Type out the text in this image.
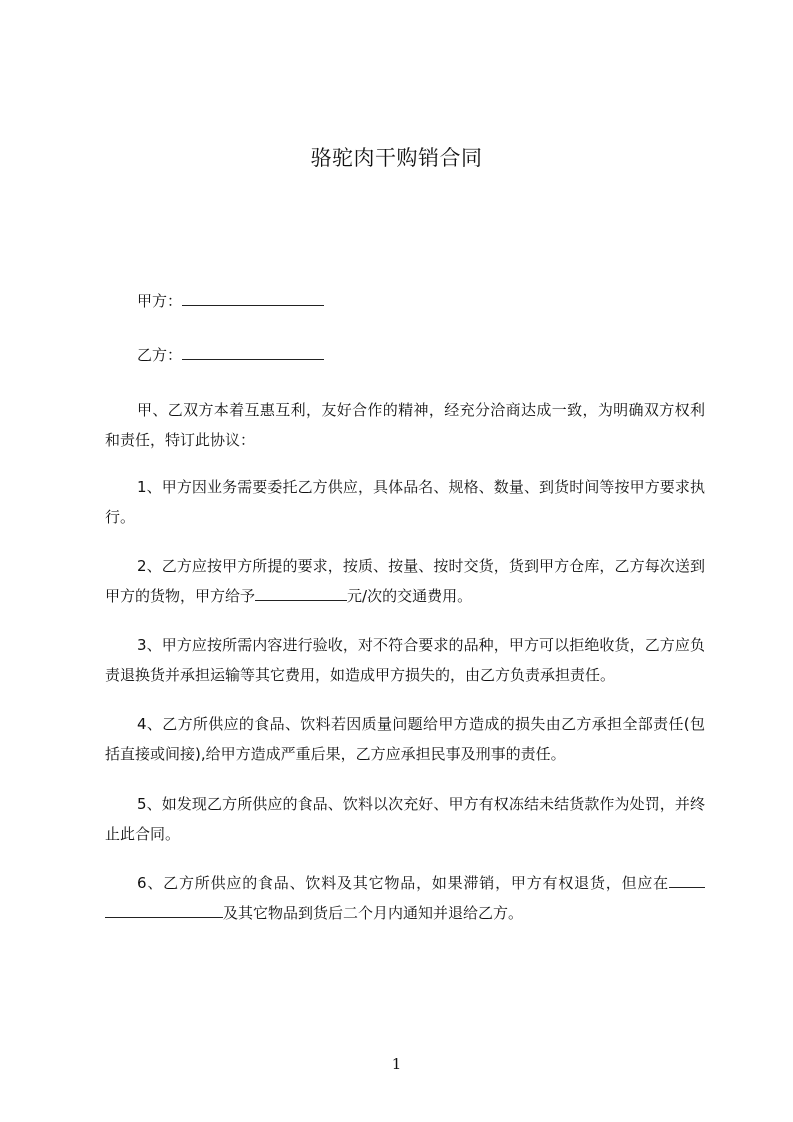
骆驼肉干购销合同
甲方：
乙方：
甲、乙双方本着互惠互利，友好合作的精神，经充分洽商达成一致，为明确双方权利和责任，特订此协议：
1、甲方因业务需要委托乙方供应，具体品名、规格、数量、到货时间等按甲方要求执行。
2、乙方应按甲方所提的要求，按质、按量、按时交货，货到甲方仓库，乙方每次送到甲方的货物，甲方给予	元/次的交通费用。
3、甲方应按所需内容进行验收，对不符合要求的品种，甲方可以拒绝收货，乙方应负责退换货并承担运输等其它费用，如造成甲方损失的，由乙方负责承担责任。
4、乙方所供应的食品、饮料若因质量问题给甲方造成的损失由乙方承担全部责任(包括直接或间接),给甲方造成严重后果，乙方应承担民事及刑事的责任。
5、如发现乙方所供应的食品、饮料以次充好、甲方有权冻结未结货款作为处罚，并终止此合同。
6、乙方所供应的食品、饮料及其它物品，如果滞销，甲方有权退货，但应在及其它物品到货后二个月内通知并退给乙方。
1
